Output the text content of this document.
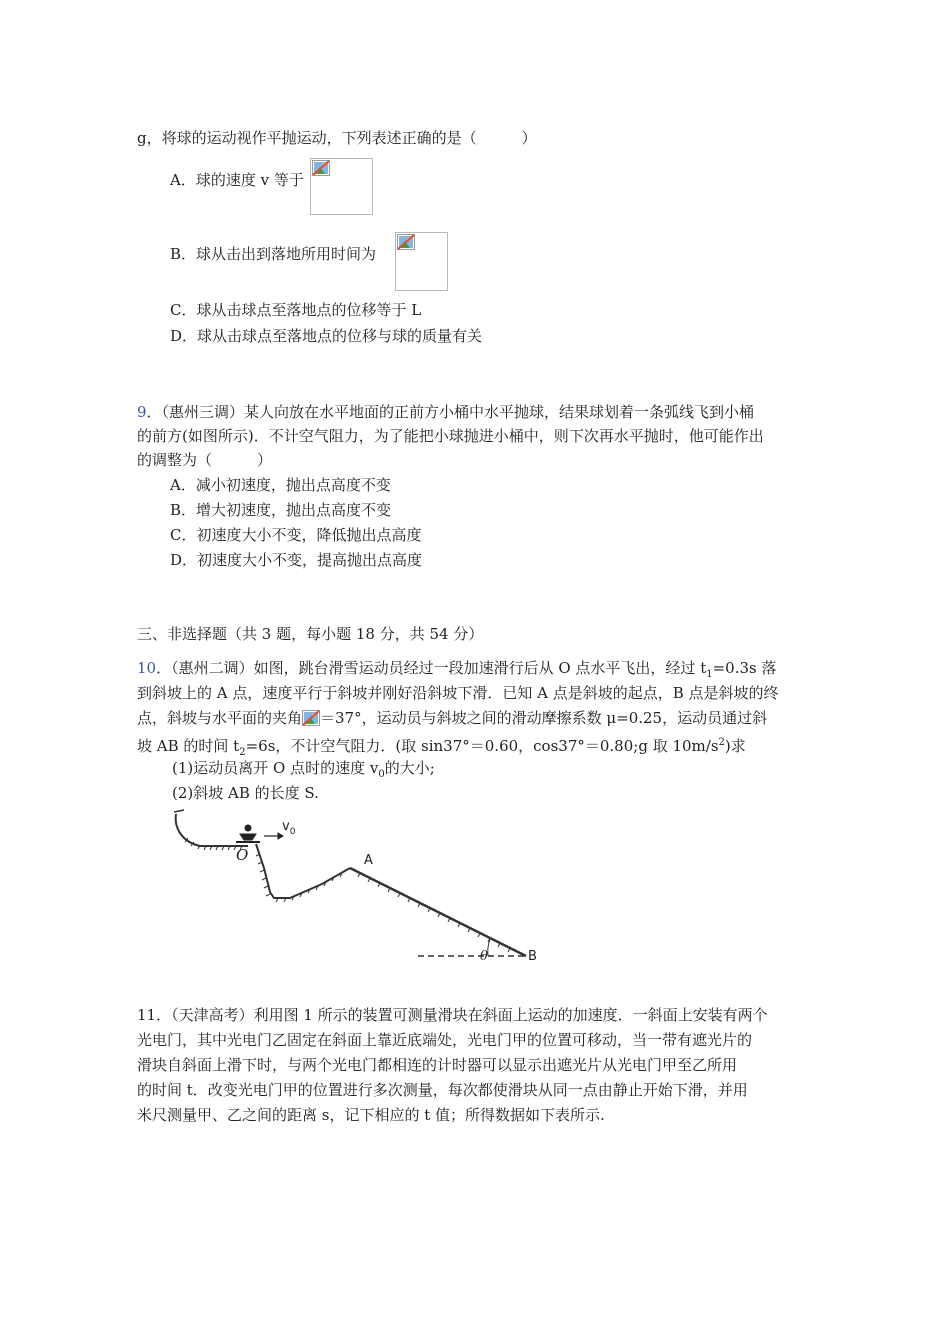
g，将球的运动视作平抛运动，下列表述正确的是（　　　）
A．球的速度 v 等于
B．球从击出到落地所用时间为
C．球从击球点至落地点的位移等于 L
D．球从击球点至落地点的位移与球的质量有关
9．（惠州三调）某人向放在水平地面的正前方小桶中水平抛球，结果球划着一条弧线飞到小桶
的前方(如图所示)．不计空气阻力，为了能把小球抛进小桶中，则下次再水平抛时，他可能作出
的调整为（　　　）
A．减小初速度，抛出点高度不变
B．增大初速度，抛出点高度不变
C．初速度大小不变，降低抛出点高度
D．初速度大小不变，提高抛出点高度
三、非选择题（共 3 题，每小题 18 分，共 54 分）
10．（惠州二调）如图，跳台滑雪运动员经过一段加速滑行后从 O 点水平飞出，经过 $t_1=0.3s$ 落
到斜坡上的 A 点，速度平行于斜坡并刚好沿斜坡下滑．已知 A 点是斜坡的起点，B 点是斜坡的终
点，斜坡与水平面的夹角 ＝37°，运动员与斜坡之间的滑动摩擦系数 μ=0.25，运动员通过斜
坡 AB 的时间 $t_2=6s$，不计空气阻力．(取 sin37°＝0.60，cos37°＝0.80;g 取 $10m/s^2$)求
(1)运动员离开 O 点时的速度 $v_0$的大小;
(2)斜坡 AB 的长度 S.
O
$v_0$
A
B
θ
11．（天津高考）利用图 1 所示的装置可测量滑块在斜面上运动的加速度．一斜面上安装有两个
光电门，其中光电门乙固定在斜面上靠近底端处，光电门甲的位置可移动，当一带有遮光片的
滑块自斜面上滑下时，与两个光电门都相连的计时器可以显示出遮光片从光电门甲至乙所用
的时间 t．改变光电门甲的位置进行多次测量，每次都使滑块从同一点由静止开始下滑，并用
米尺测量甲、乙之间的距离 s，记下相应的 t 值；所得数据如下表所示.
